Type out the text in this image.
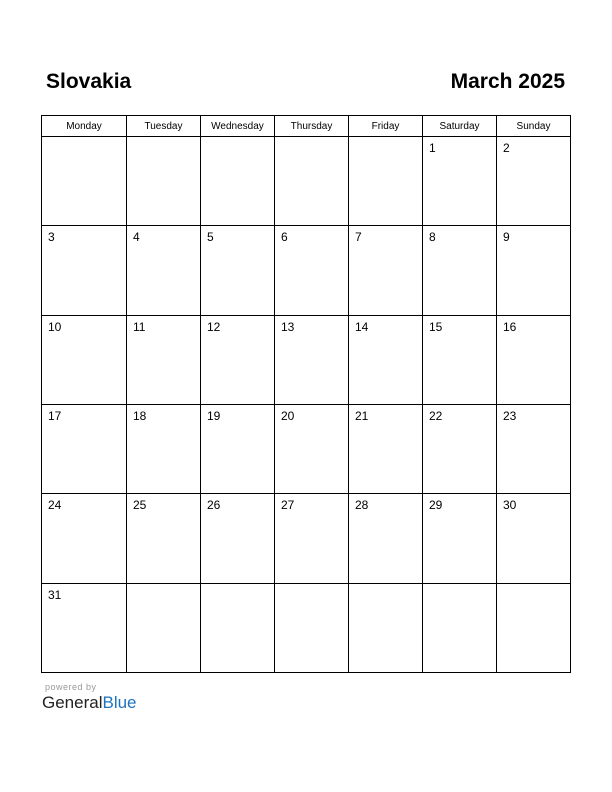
Slovakia	March 2025
Monday	Tuesday	Wednesday	Thursday	Friday	Saturday	Sunday

					1	2

3	4	5	6	7	8	9

10	11	12	13	14	15	16

17	18	19	20	21	22	23

24	25	26	27	28	29	30

31						

powered by
GeneralBlue
